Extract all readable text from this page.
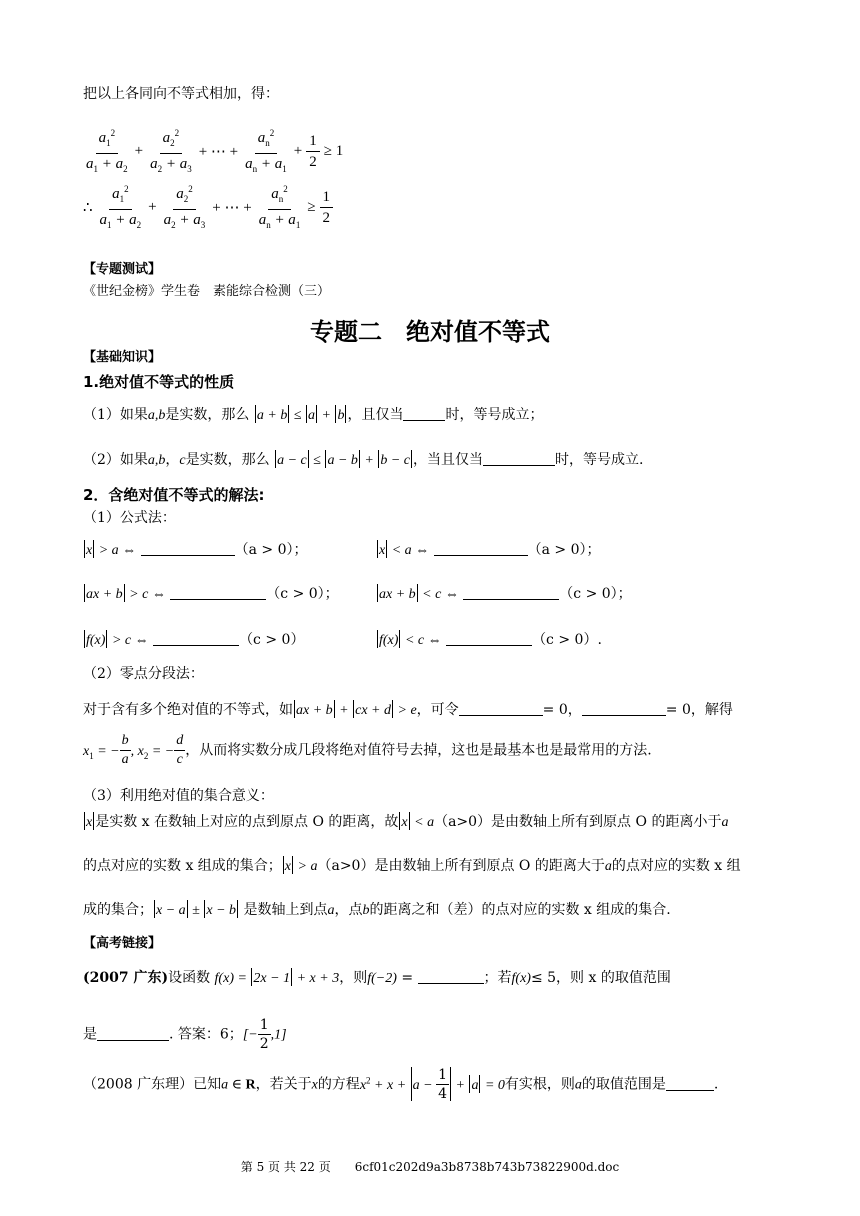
把以上各同向不等式相加，得：
$a_1^2$
$a_1 + a_2$
+ $\frac{a_2^2}{a_2 + a_3}$ + ⋯ + $\frac{a_n^2}{a_n + a_1} + \frac{1}{2} \ge 1$
∴
$a_1^2$
$a_1 + a_2$
+ $\frac{a_2^2}{a_2 + a_3}$ + ⋯ + $\frac{a_n^2}{a_n + a_1} \ge \frac{1}{2}$
【专题测试】
《世纪金榜》学生卷　素能综合检测（三）
专题二　绝对值不等式
【基础知识】
1.绝对值不等式的性质
（1）如果a,b是实数，那么 a + b ≤ a + b ，且仅当	时，等号成立；
（2）如果a,b，c是实数，那么 a − c ≤ a − b + b − c ，当且仅当	时，等号成立.
2．含绝对值不等式的解法:
（1）公式法：
x > a ⇔	（a > 0）；	x < a ⇔	（a > 0）；
ax + b > c ⇔	（c > 0）；	ax + b < c ⇔	（c > 0）；
f(x) > c ⇔	（c > 0）	f(x) < c ⇔	（c > 0）.
（2）零点分段法：
对于含有多个绝对值的不等式，如 ax + b + cx + d > e，可令	= 0，	= 0，解得
$x_1$ = − $\frac{b}{a}$ , $x_2$ = − $\frac{d}{c}$ ，从而将实数分成几段将绝对值符号去掉，这也是最基本也是最常用的方法.
（3）利用绝对值的集合意义：
x 是实数 x 在数轴上对应的点到原点 O 的距离，故 x < a（a>0）是由数轴上所有到原点 O 的距离小于a
的点对应的实数 x 组成的集合； x > a（a>0）是由数轴上所有到原点 O 的距离大于a的点对应的实数 x 组
成的集合； x − a ± x − b 是数轴上到点a，点b的距离之和（差）的点对应的实数 x 组成的集合.
【高考链接】
(2007 广东)设函数 f(x) = 2x − 1 + x + 3，则f(−2) =	；若f(x)≤ 5，则 x 的取值范围
是	. 答案：6；[− $\frac{1}{2} ,1$]
（2008 广东理）已知a ∈ R，若关于x的方程$x^2 + x + a - \frac{1}{4} + a = 0$有实根，则a的取值范围是	.
第 5 页 共 22 页　　6cf01c202d9a3b8738b743b73822900d.doc
